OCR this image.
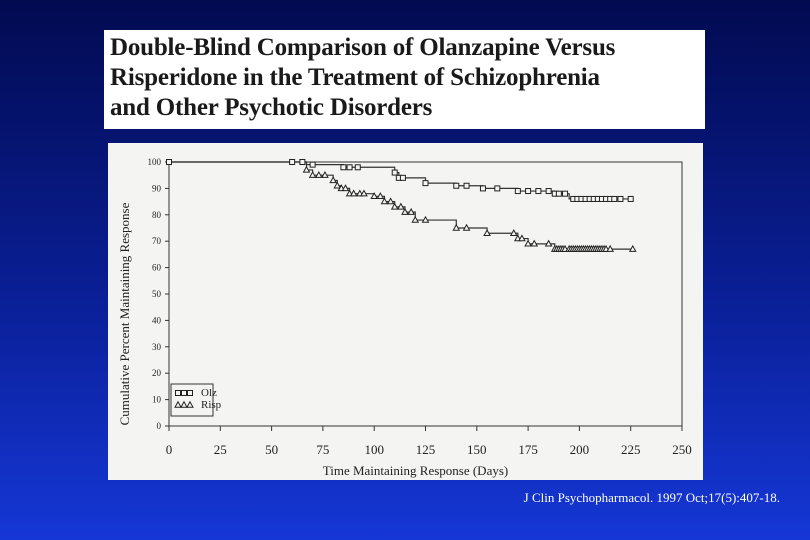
Double-Blind Comparison of Olanzapine Versus
Risperidone in the Treatment of Schizophrenia
and Other Psychotic Disorders
0
10
20
30
40
50
60
70
80
90
100
0	25	50	75	100 125 150 175 200 225 250
Cumulative Percent Maintaining Response
Time Maintaining Response (Days)
Olz
Risp
J Clin Psychopharmacol. 1997 Oct;17(5):407-18.
